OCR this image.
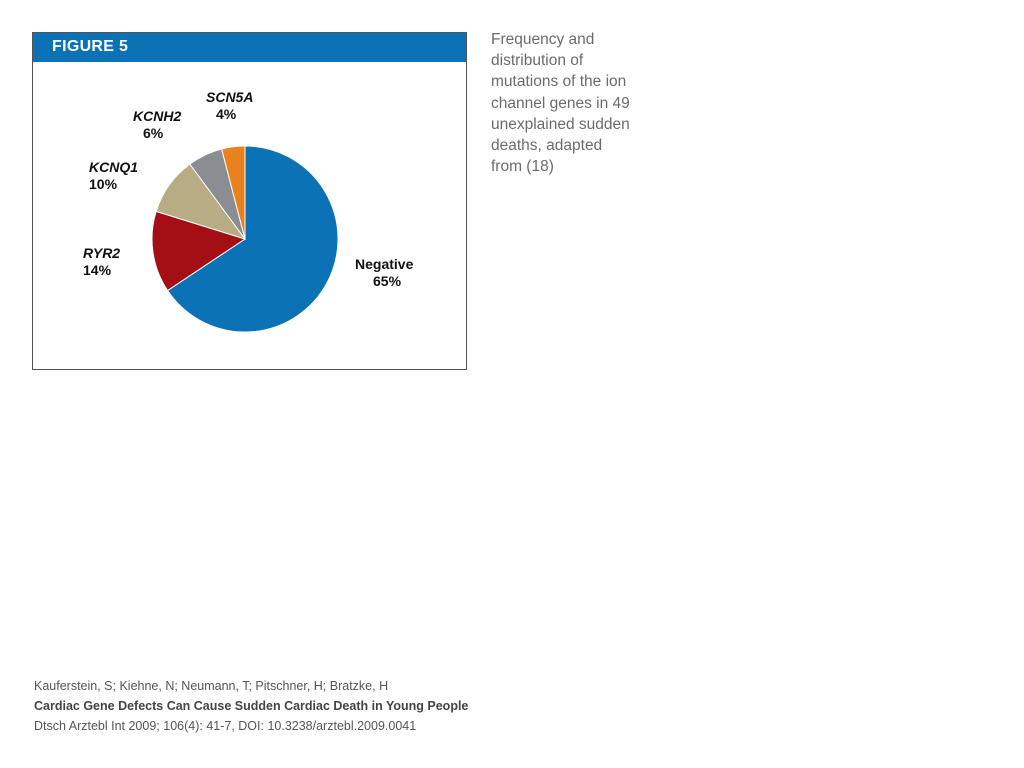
FIGURE 5
Negative
65%
RYR2
14%
KCNQ1
10%
KCNH2
6%
SCN5A
4%
Frequency and distribution of mutations of the ion channel genes in 49 unexplained sudden deaths, adapted from (18)
Kauferstein, S; Kiehne, N; Neumann, T; Pitschner, H; Bratzke, H
Cardiac Gene Defects Can Cause Sudden Cardiac Death in Young People
Dtsch Arztebl Int 2009; 106(4): 41-7, DOI: 10.3238/arztebl.2009.0041
